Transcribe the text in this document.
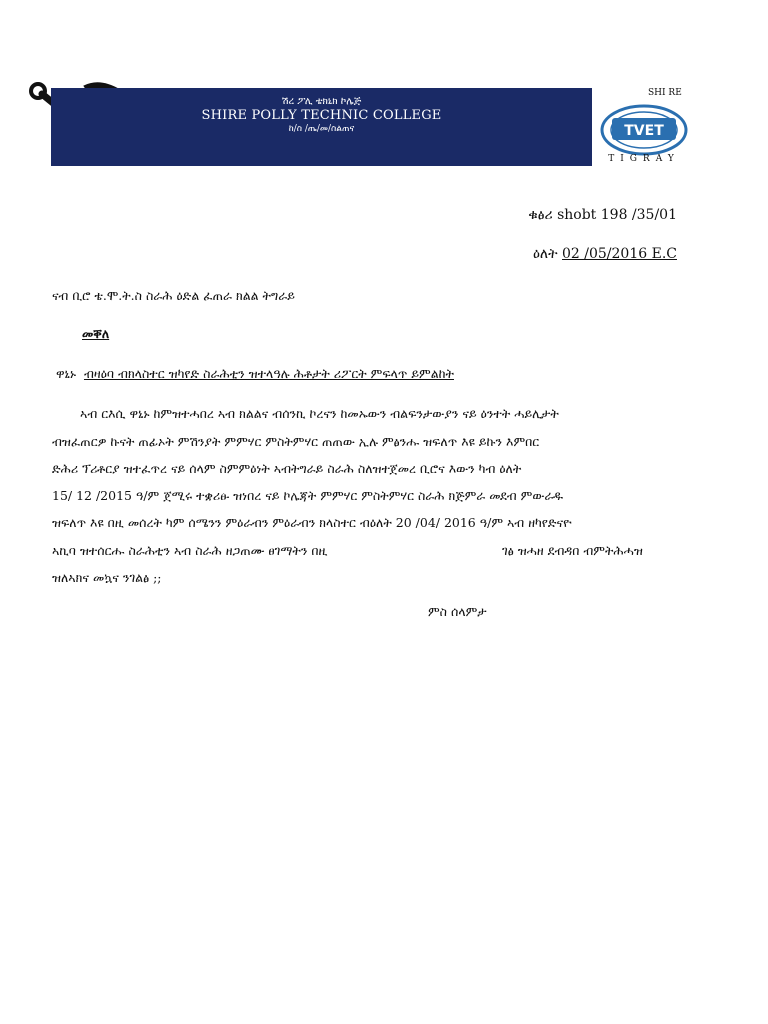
ሽረ ፖሊ ቴክኒክ ኮሌጅ
SHIRE POLLY TECHNIC COLLEGE
ከ/ስ /ጤ/መ/ስልጠና
SHI RE
TVET
TIGRAY
ቁፅሪ shobt 198 /35/01
ዕለት 02 /05/2016 E.C
ናብ ቢሮ ቴ.ሞ.ት.ስ ስራሕ ዕድል ፈጠራ ክልል ትግራይ
መቐለ
ዋኒኑ ብዛዕባ ብክላስተር ዝካየድ ስራሕቲን ዝተላዓሉ ሕቶታት ሪፖርት ምፍላጥ ይምልከት
ኣብ ርእሲ ዋኒኑ ከምዝተሓበረ ኣብ ክልልና ብሰንኪ ኮረናን ከመኡውን ብልፍንታውያን ናይ ዕንተት ሓይሊታት
ብዝፈጠርዎ ኩናት ጠፊኦት ምሽንያት ምምሃር ምስትምሃር ጠጠው ኢሉ ምፅንሑ ዝፍለጥ እዩ ይኩን እምበር
ድሕሪ ፕሪቶርያ ዝተፈጥረ ናይ ሰላም ስምምዕነት ኣብትግራይ ስራሕ ስለዝተጀመረ ቢሮና እውን ካብ ዕለት
15/ 12 /2015 ዓ/ም ጀሚሩ ተቋሪፁ ዝነበረ ናይ ኮሌጃት ምምሃር ምስትምሃር ስራሕ ክጅምራ መደብ ምውራዱ
ዝፍለጥ እዩ በዚ መሰረት ካም ሰሜንን ምዕራብን ምዕራብን ክላስተር ብዕለት 20 /04/ 2016 ዓ/ም ኣብ ዘካየድናዮ
ኣኪባ ዝተሰርሑ ስራሕቲን ኣብ ስራሕ ዘጋጠሙ ፀገማትን በዚ	ገፅ ዝሓዘ ደብዳበ ብምትሕሓዝ
ዝለኣክና መኳና ንገልፅ ;;
ምስ ሰላምታ
